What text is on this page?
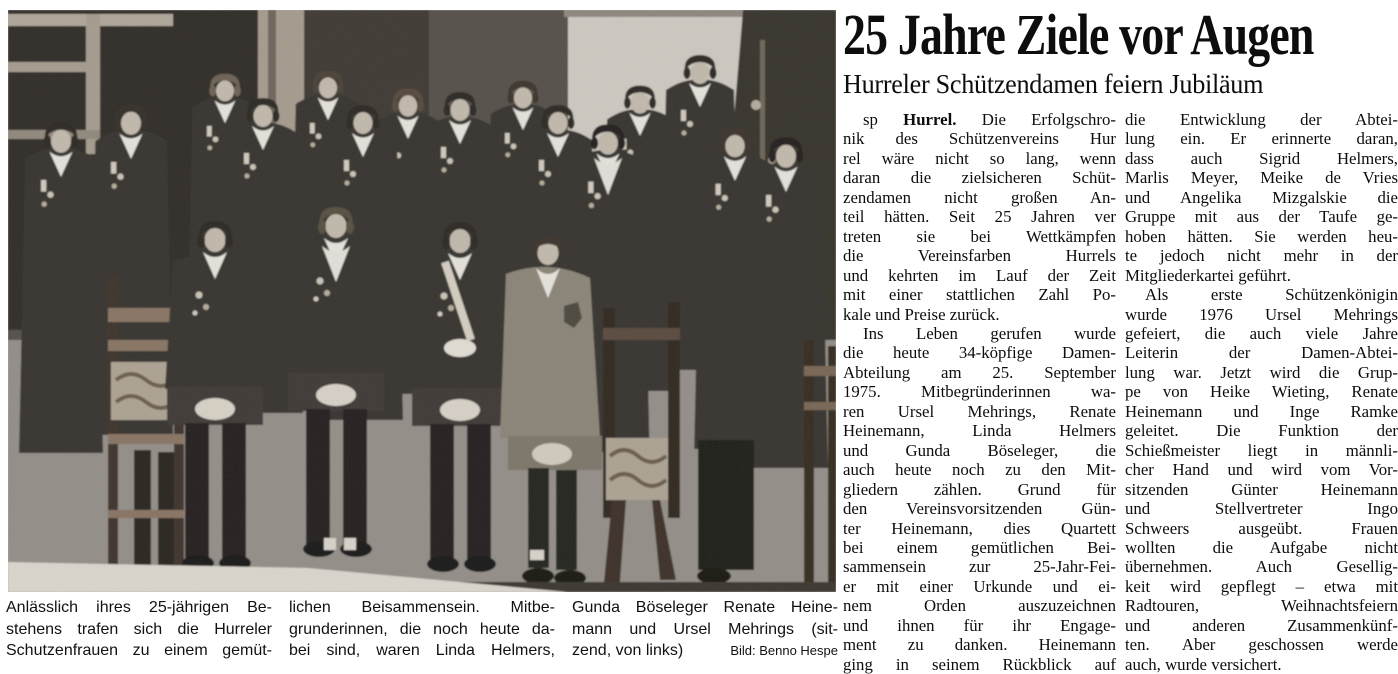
Anlässlich ihres 25-jährigen Be-
stehens trafen sich die Hurreler
Schutzenfrauen zu einem gemüt-
lichen Beisammensein. Mitbe-
grunderinnen, die noch heute da-
bei sind, waren Linda Helmers,
Gunda Böseleger Renate Heine-
mann und Ursel Mehrings (sit-
zend, von links)	Bild: Benno Hespe
25 Jahre Ziele vor Augen
Hurreler Schützendamen feiern Jubiläum
sp Hurrel. Die Erfolgschro-
nik des Schützenvereins Hur
rel wäre nicht so lang, wenn
daran die zielsicheren Schüt-
zendamen nicht großen An-
teil hätten. Seit 25 Jahren ver
treten sie bei Wettkämpfen
die Vereinsfarben Hurrels
und kehrten im Lauf der Zeit
mit einer stattlichen Zahl Po-
kale und Preise zurück.
Ins Leben gerufen wurde
die heute 34-köpfige Damen-
Abteilung am 25. September
1975. Mitbegründerinnen wa-
ren Ursel Mehrings, Renate
Heinemann, Linda Helmers
und Gunda Böseleger, die
auch heute noch zu den Mit-
gliedern zählen. Grund für
den Vereinsvorsitzenden Gün-
ter Heinemann, dies Quartett
bei einem gemütlichen Bei-
sammensein zur 25-Jahr-Fei-
er mit einer Urkunde und ei-
nem Orden auszuzeichnen
und ihnen für ihr Engage-
ment zu danken. Heinemann
ging in seinem Rückblick auf
die Entwicklung der Abtei-
lung ein. Er erinnerte daran,
dass auch Sigrid Helmers,
Marlis Meyer, Meike de Vries
und Angelika Mizgalskie die
Gruppe mit aus der Taufe ge-
hoben hätten. Sie werden heu-
te jedoch nicht mehr in der
Mitgliederkartei geführt.
Als erste Schützenkönigin
wurde 1976 Ursel Mehrings
gefeiert, die auch viele Jahre
Leiterin der Damen-Abtei-
lung war. Jetzt wird die Grup-
pe von Heike Wieting, Renate
Heinemann und Inge Ramke
geleitet. Die Funktion der
Schießmeister liegt in männli-
cher Hand und wird vom Vor-
sitzenden Günter Heinemann
und Stellvertreter Ingo
Schweers ausgeübt. Frauen
wollten die Aufgabe nicht
übernehmen. Auch Gesellig-
keit wird gepflegt – etwa mit
Radtouren, Weihnachtsfeiern
und anderen Zusammenkünf-
ten. Aber geschossen werde
auch, wurde versichert.
